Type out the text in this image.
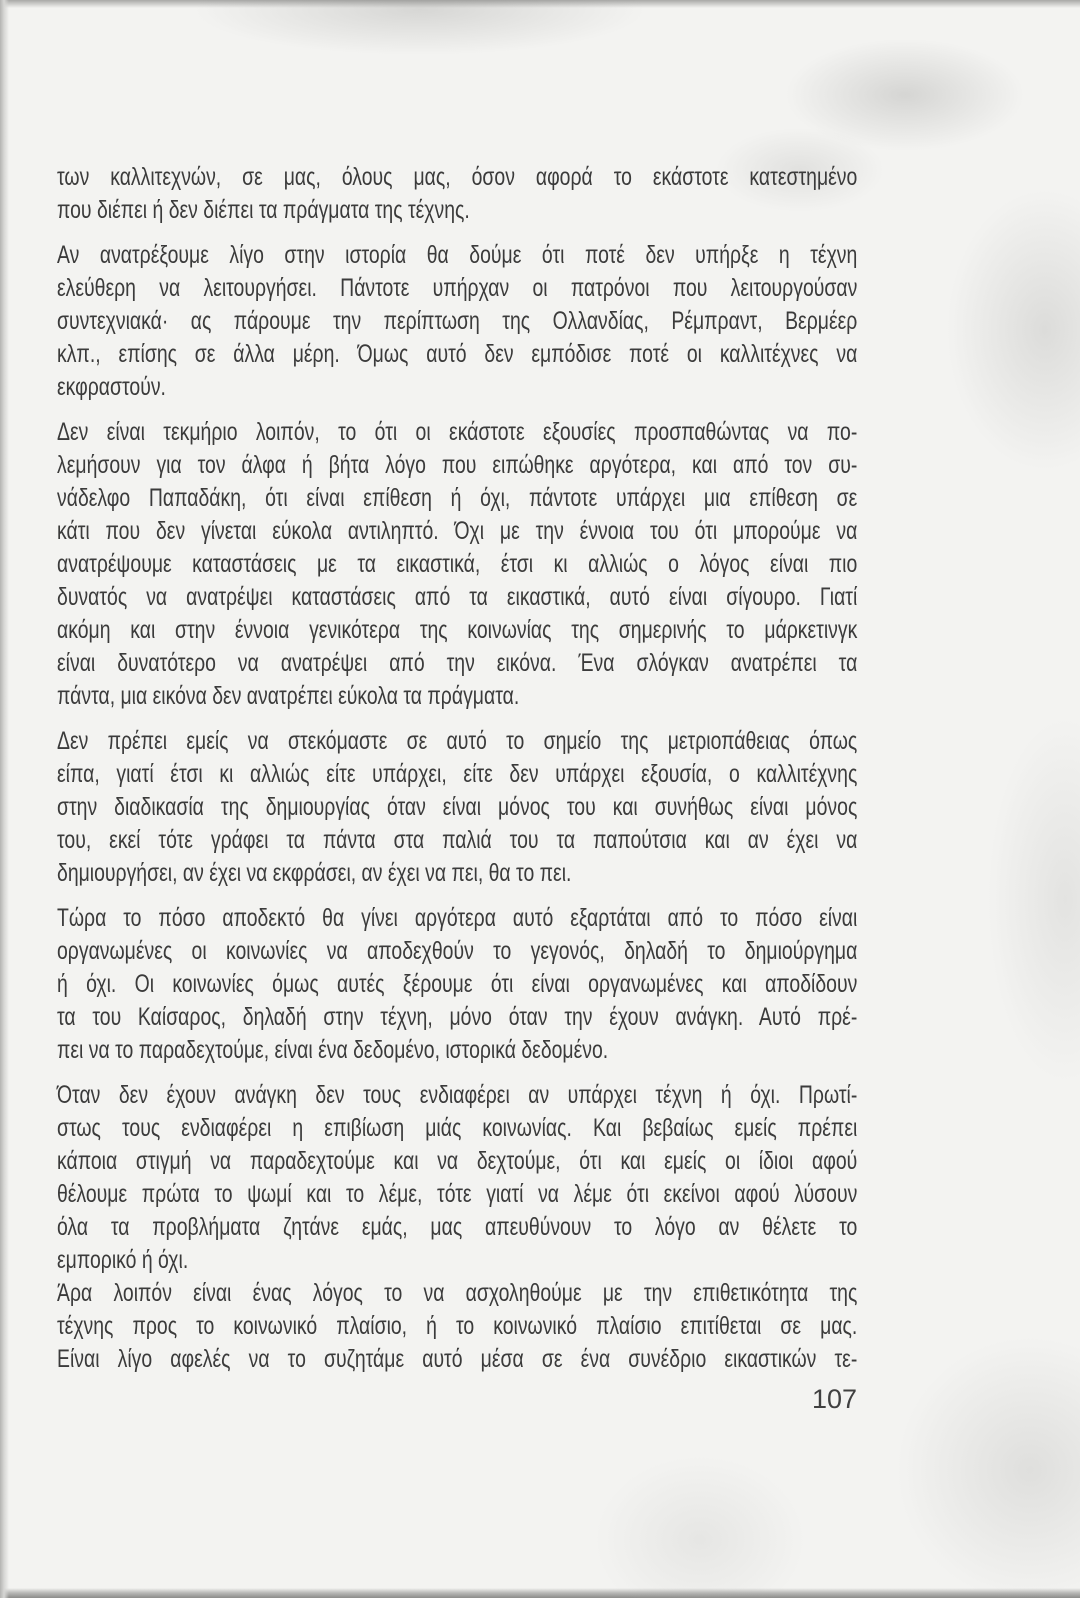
των καλλιτεχνών, σε μας, όλους μας, όσον αφορά το εκάστοτε κατεστημένο
που διέπει ή δεν διέπει τα πράγματα της τέχνης.
Αν ανατρέξουμε λίγο στην ιστορία θα δούμε ότι ποτέ δεν υπήρξε η τέχνη
ελεύθερη να λειτουργήσει. Πάντοτε υπήρχαν οι πατρόνοι που λειτουργούσαν
συντεχνιακά· ας πάρουμε την περίπτωση της Ολλανδίας, Ρέμπραντ, Βερμέερ
κλπ., επίσης σε άλλα μέρη. Όμως αυτό δεν εμπόδισε ποτέ οι καλλιτέχνες να
εκφραστούν.
Δεν είναι τεκμήριο λοιπόν, το ότι οι εκάστοτε εξουσίες προσπαθώντας να πο-
λεμήσουν για τον άλφα ή βήτα λόγο που ειπώθηκε αργότερα, και από τον συ-
νάδελφο Παπαδάκη, ότι είναι επίθεση ή όχι, πάντοτε υπάρχει μια επίθεση σε
κάτι που δεν γίνεται εύκολα αντιληπτό. Όχι με την έννοια του ότι μπορούμε να
ανατρέψουμε καταστάσεις με τα εικαστικά, έτσι κι αλλιώς ο λόγος είναι πιο
δυνατός να ανατρέψει καταστάσεις από τα εικαστικά, αυτό είναι σίγουρο. Γιατί
ακόμη και στην έννοια γενικότερα της κοινωνίας της σημερινής το μάρκετινγκ
είναι δυνατότερο να ανατρέψει από την εικόνα. Ένα σλόγκαν ανατρέπει τα
πάντα, μια εικόνα δεν ανατρέπει εύκολα τα πράγματα.
Δεν πρέπει εμείς να στεκόμαστε σε αυτό το σημείο της μετριοπάθειας όπως
είπα, γιατί έτσι κι αλλιώς είτε υπάρχει, είτε δεν υπάρχει εξουσία, ο καλλιτέχνης
στην διαδικασία της δημιουργίας όταν είναι μόνος του και συνήθως είναι μόνος
του, εκεί τότε γράφει τα πάντα στα παλιά του τα παπούτσια και αν έχει να
δημιουργήσει, αν έχει να εκφράσει, αν έχει να πει, θα το πει.
Τώρα το πόσο αποδεκτό θα γίνει αργότερα αυτό εξαρτάται από το πόσο είναι
οργανωμένες οι κοινωνίες να αποδεχθούν το γεγονός, δηλαδή το δημιούργημα
ή όχι. Οι κοινωνίες όμως αυτές ξέρουμε ότι είναι οργανωμένες και αποδίδουν
τα του Καίσαρος, δηλαδή στην τέχνη, μόνο όταν την έχουν ανάγκη. Αυτό πρέ-
πει να το παραδεχτούμε, είναι ένα δεδομένο, ιστορικά δεδομένο.
Όταν δεν έχουν ανάγκη δεν τους ενδιαφέρει αν υπάρχει τέχνη ή όχι. Πρωτί-
στως τους ενδιαφέρει η επιβίωση μιάς κοινωνίας. Και βεβαίως εμείς πρέπει
κάποια στιγμή να παραδεχτούμε και να δεχτούμε, ότι και εμείς οι ίδιοι αφού
θέλουμε πρώτα το ψωμί και το λέμε, τότε γιατί να λέμε ότι εκείνοι αφού λύσουν
όλα τα προβλήματα ζητάνε εμάς, μας απευθύνουν το λόγο αν θέλετε το
εμπορικό ή όχι.
Άρα λοιπόν είναι ένας λόγος το να ασχοληθούμε με την επιθετικότητα της
τέχνης προς το κοινωνικό πλαίσιο, ή το κοινωνικό πλαίσιο επιτίθεται σε μας.
Είναι λίγο αφελές να το συζητάμε αυτό μέσα σε ένα συνέδριο εικαστικών τε-
107
